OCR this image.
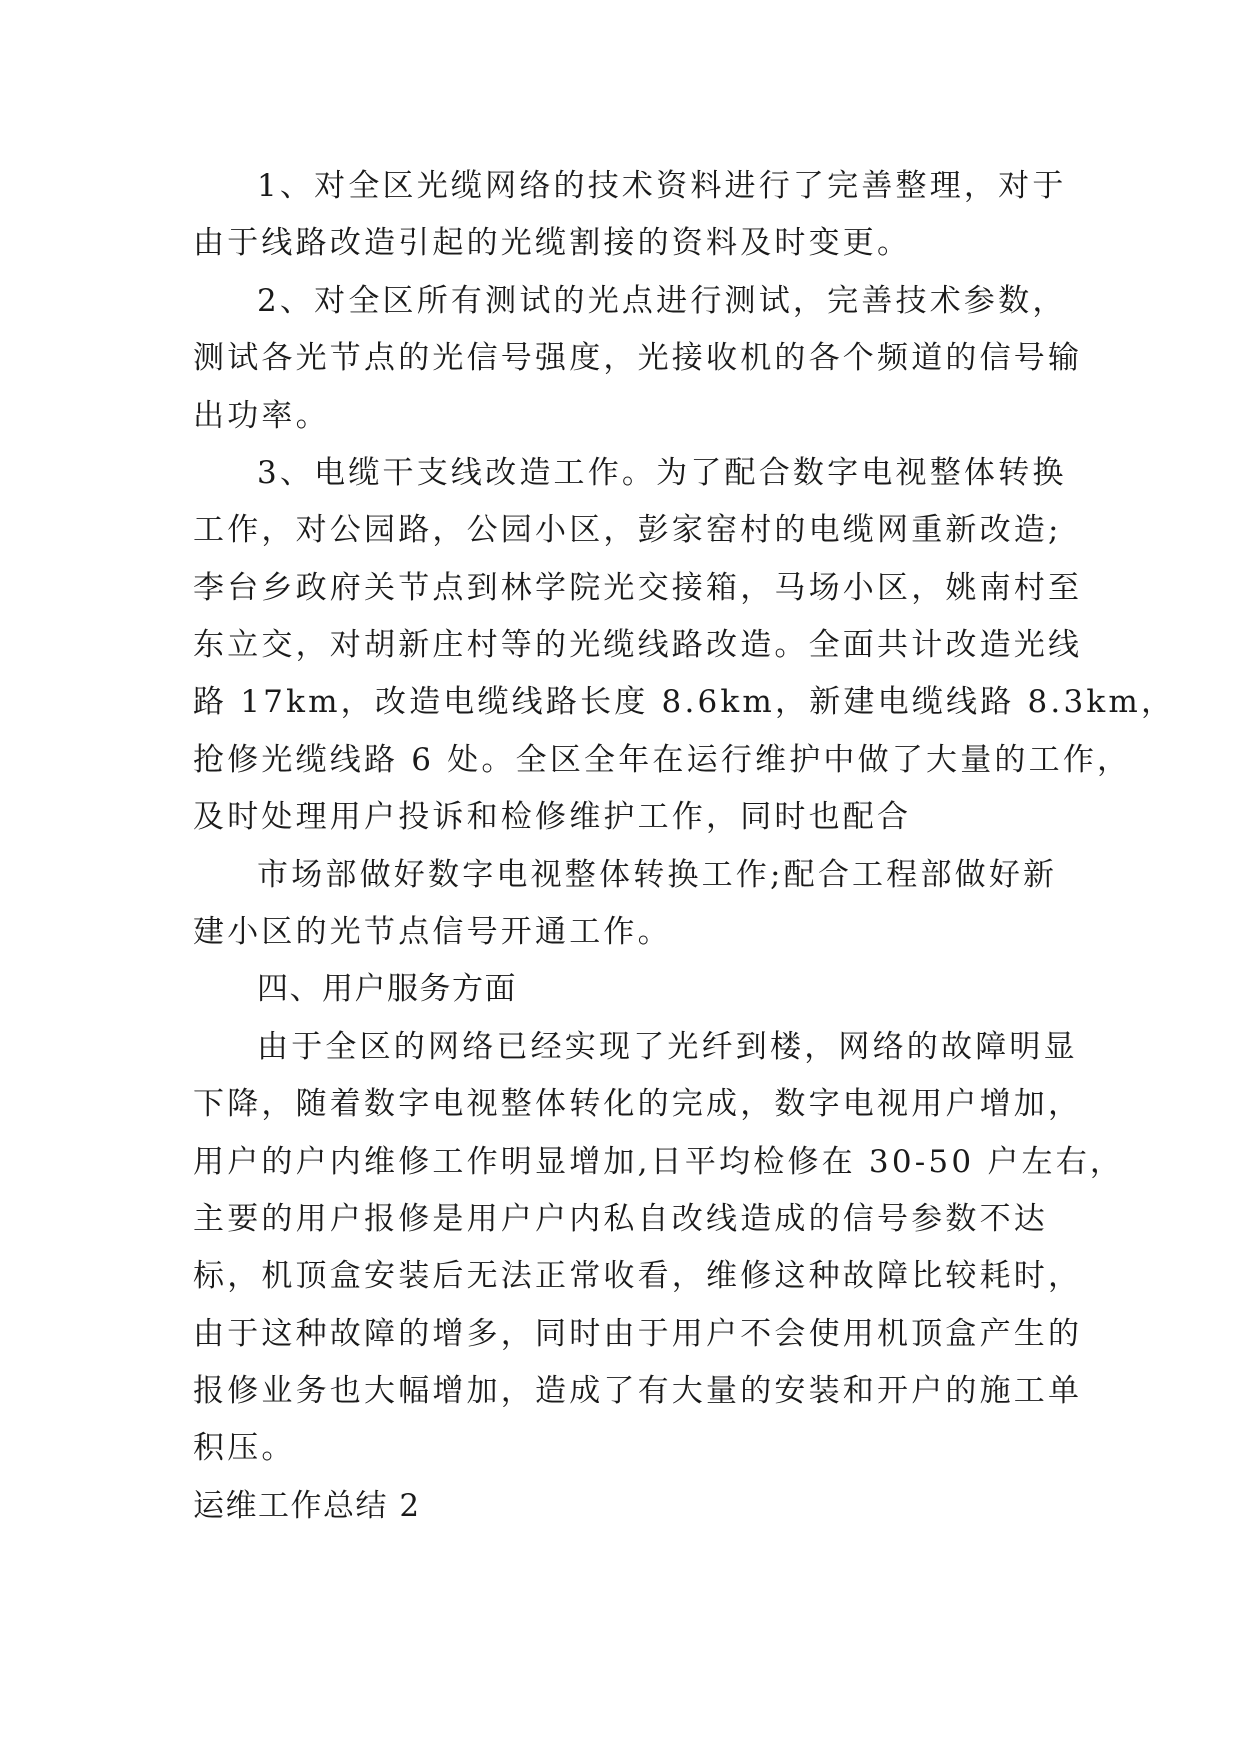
1、对全区光缆网络的技术资料进行了完善整理，对于
由于线路改造引起的光缆割接的资料及时变更。
2、对全区所有测试的光点进行测试，完善技术参数，
测试各光节点的光信号强度，光接收机的各个频道的信号输
出功率。
3、电缆干支线改造工作。为了配合数字电视整体转换
工作，对公园路，公园小区，彭家窑村的电缆网重新改造;
李台乡政府关节点到林学院光交接箱，马场小区，姚南村至
东立交，对胡新庄村等的光缆线路改造。全面共计改造光线
路 17km，改造电缆线路长度 8.6km，新建电缆线路 8.3km，
抢修光缆线路 6 处。全区全年在运行维护中做了大量的工作，
及时处理用户投诉和检修维护工作，同时也配合
市场部做好数字电视整体转换工作;配合工程部做好新
建小区的光节点信号开通工作。
四、用户服务方面
由于全区的网络已经实现了光纤到楼，网络的故障明显
下降，随着数字电视整体转化的完成，数字电视用户增加，
用户的户内维修工作明显增加,日平均检修在 30-50 户左右，
主要的用户报修是用户户内私自改线造成的信号参数不达
标，机顶盒安装后无法正常收看，维修这种故障比较耗时，
由于这种故障的增多，同时由于用户不会使用机顶盒产生的
报修业务也大幅增加，造成了有大量的安装和开户的施工单
积压。
运维工作总结 2
